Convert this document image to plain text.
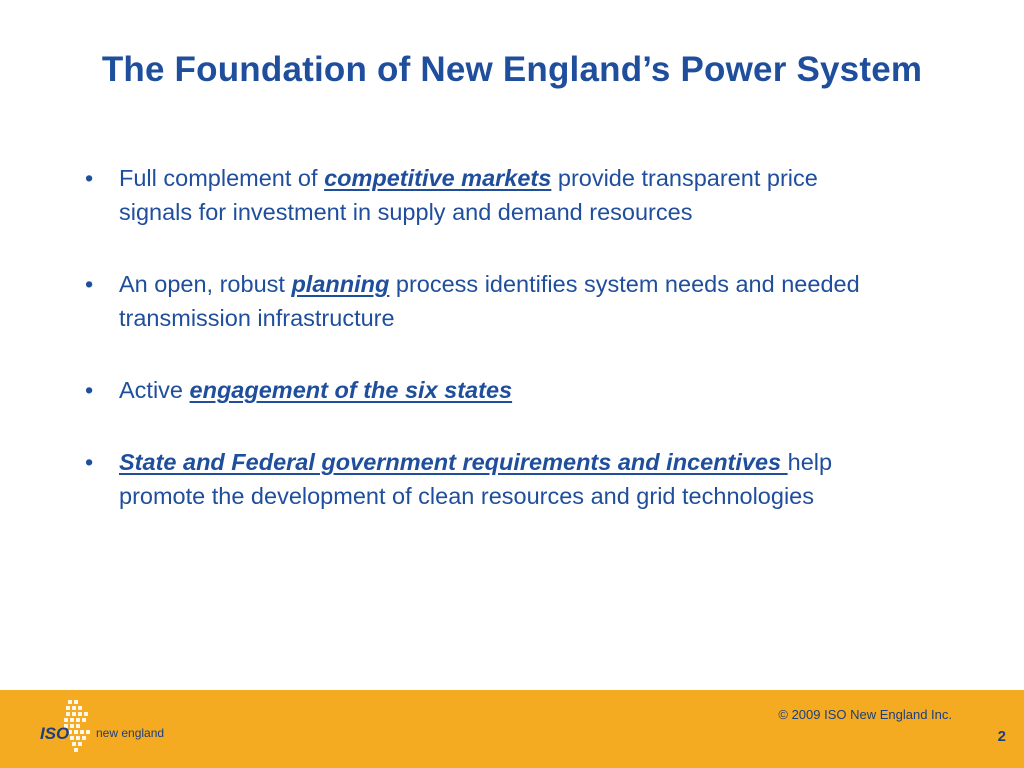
The Foundation of New England’s Power System
• Full complement of competitive markets provide transparent price signals for investment in supply and demand resources
• An open, robust planning process identifies system needs and needed transmission infrastructure
• Active engagement of the six states
• State and Federal government requirements and incentives help promote the development of clean resources and grid technologies
ISO new england
© 2009 ISO New England Inc.
2
